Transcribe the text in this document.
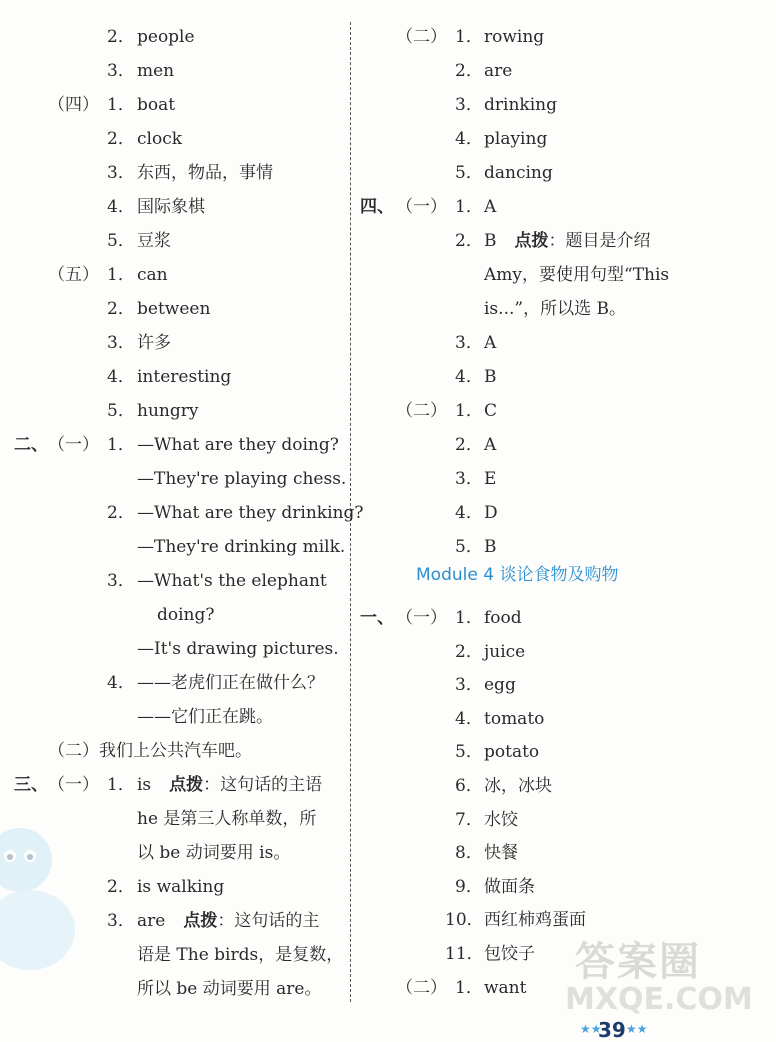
2． people
3． men
（四） 1． boat
2． clock
3． 东西，物品，事情
4． 国际象棋
5． 豆浆
（五） 1． can
2． between
3． 许多
4． interesting
5． hungry
二、 （一） 1． —What are they doing?
—They're playing chess.
2． —What are they drinking?
—They're drinking milk.
3． —What's the elephant
doing?
—It's drawing pictures.
4． ——老虎们正在做什么？
——它们正在跳。
（二）我们上公共汽车吧。
三、 （一） 1． is 点拨：这句话的主语
he 是第三人称单数，所
以 be 动词要用 is。
2． is walking
3． are 点拨：这句话的主
语是 The birds，是复数，
所以 be 动词要用 are。
（二） 1． rowing
2． are
3． drinking
4． playing
5． dancing
四、 （一） 1． A
2． B 点拨：题目是介绍
Amy，要使用句型“This
is...”，所以选 B。
3． A
4． B
（二） 1． C
2． A
3． E
4． D
5． B
Module 4 谈论食物及购物
一、 （一） 1． food
2． juice
3． egg
4． tomato
5． potato
6． 冰，冰块
7． 水饺
8． 快餐
9． 做面条
10． 西红柿鸡蛋面
11． 包饺子
（二） 1． want
答案圈
MXQE.COM
★★
39 ★★
